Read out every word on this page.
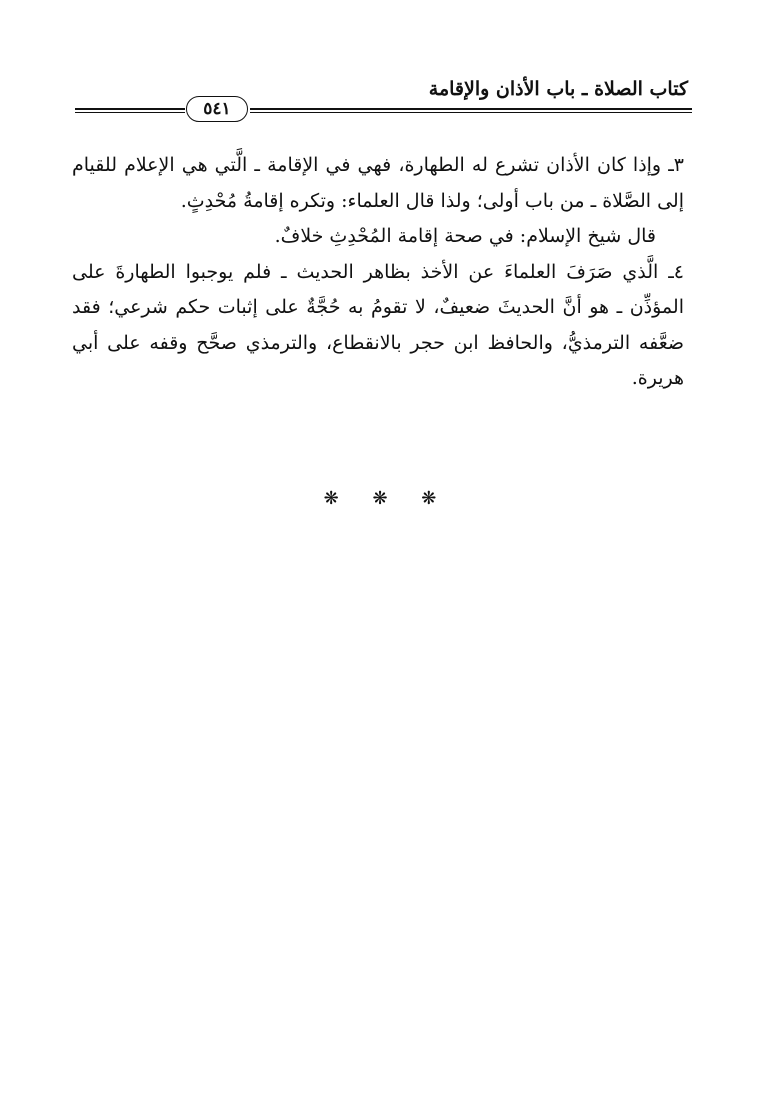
كتاب الصلاة ـ باب الأذان والإقامة
٥٤١

٣ـ وإذا كان الأذان تشرع له الطهارة، فهي في الإقامة ـ الَّتي هي الإعلام للقيام إلى الصَّلاة ـ من باب أولى؛ ولذا قال العلماء: وتكره إقامةُ مُحْدِثٍ.

قال شيخ الإسلام: في صحة إقامة المُحْدِثِ خلافٌ.

٤ـ الَّذي صَرَفَ العلماءَ عن الأخذ بظاهر الحديث ـ فلم يوجبوا الطهارةَ على المؤذِّن ـ هو أنَّ الحديثَ ضعيفٌ، لا تقومُ به حُجَّةٌ على إثبات حكم شرعي؛ فقد ضعَّفه الترمذيُّ، والحافظ ابن حجر بالانقطاع، والترمذي صحَّح وقفه على أبي هريرة.

❋ ❋ ❋
